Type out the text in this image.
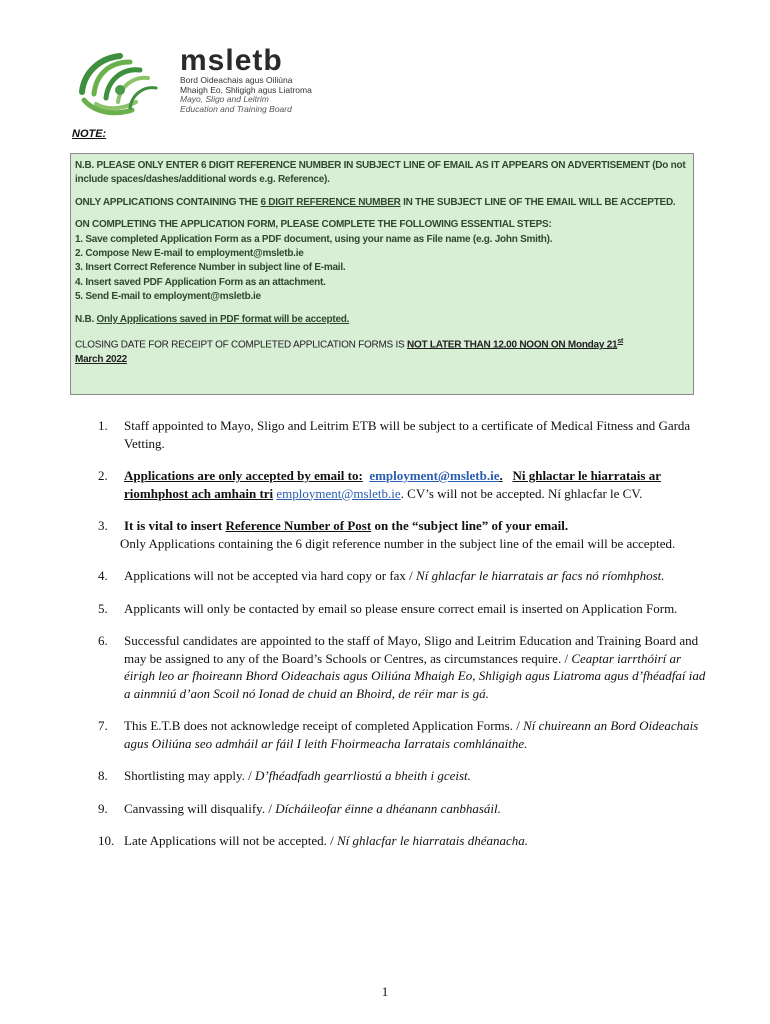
msletb
Bord Oideachais agus Oiliúna
Mhaigh Eo, Shligigh agus Liatroma
Mayo, Sligo and Leitrim
Education and Training Board
NOTE:

N.B. PLEASE ONLY ENTER 6 DIGIT REFERENCE NUMBER IN SUBJECT LINE OF EMAIL AS IT APPEARS ON ADVERTISEMENT (Do not include spaces/dashes/additional words e.g. Reference).

ONLY APPLICATIONS CONTAINING THE 6 DIGIT REFERENCE NUMBER IN THE SUBJECT LINE OF THE EMAIL WILL BE ACCEPTED.

ON COMPLETING THE APPLICATION FORM, PLEASE COMPLETE THE FOLLOWING ESSENTIAL STEPS:
1. Save completed Application Form as a PDF document, using your name as File name (e.g. John Smith).
2. Compose New E-mail to employment@msletb.ie
3. Insert Correct Reference Number in subject line of E-mail.
4. Insert saved PDF Application Form as an attachment.
5. Send E-mail to employment@msletb.ie

N.B. Only Applications saved in PDF format will be accepted.

CLOSING DATE FOR RECEIPT OF COMPLETED APPLICATION FORMS IS NOT LATER THAN 12.00 NOON ON Monday 21st
March 2022

1. Staff appointed to Mayo, Sligo and Leitrim ETB will be subject to a certificate of Medical Fitness and Garda Vetting.
2. Applications are only accepted by email to: employment@msletb.ie. Ni ghlactar le hiarratais ar riomhphost ach amhain tri employment@msletb.ie. CV’s will not be accepted. Ní ghlacfar le CV.
3. It is vital to insert Reference Number of Post on the “subject line” of your email.
Only Applications containing the 6 digit reference number in the subject line of the email will be accepted.
4. Applications will not be accepted via hard copy or fax / Ní ghlacfar le hiarratais ar facs nó ríomhphost.
5. Applicants will only be contacted by email so please ensure correct email is inserted on Application Form.
6. Successful candidates are appointed to the staff of Mayo, Sligo and Leitrim Education and Training Board and may be assigned to any of the Board’s Schools or Centres, as circumstances require. / Ceaptar iarrthóirí ar éirigh leo ar fhoireann Bhord Oideachais agus Oiliúna Mhaigh Eo, Shligigh agus Liatroma agus d’fhéadfaí iad a ainmniú d’aon Scoil nó Ionad de chuid an Bhoird, de réir mar is gá.
7. This E.T.B does not acknowledge receipt of completed Application Forms. / Ní chuireann an Bord Oideachais agus Oiliúna seo admháil ar fáil I leith Fhoirmeacha Iarratais comhlánaithe.
8. Shortlisting may apply. / D’fhéadfadh gearrliostú a bheith i gceist.
9. Canvassing will disqualify. / Dícháileofar éinne a dhéanann canbhasáil.
10. Late Applications will not be accepted. / Ní ghlacfar le hiarratais dhéanacha.
1
